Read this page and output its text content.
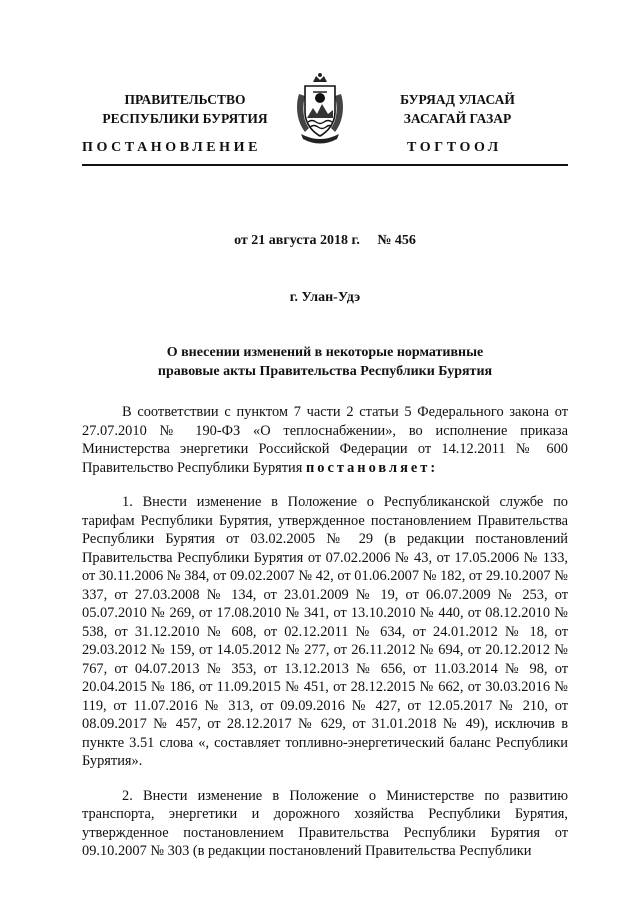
ПРАВИТЕЛЬСТВО
РЕСПУБЛИКИ БУРЯТИЯ
БУРЯАД УЛАСАЙ
ЗАСАГАЙ ГАЗАР
ПОСТАНОВЛЕНИЕ	ТОГТООЛ
от 21 августа 2018 г.     № 456
г. Улан-Удэ
О внесении изменений в некоторые нормативные
правовые акты Правительства Республики Бурятия

В соответствии с пунктом 7 части 2 статьи 5 Федерального закона от 27.07.2010 № 190-ФЗ «О теплоснабжении», во исполнение приказа Министерства энергетики Российской Федерации от 14.12.2011 № 600 Правительство Республики Бурятия постановляет:

1. Внести изменение в Положение о Республиканской службе по тарифам Республики Бурятия, утвержденное постановлением Правительства Республики Бурятия от 03.02.2005 № 29 (в редакции постановлений Правительства Республики Бурятия от 07.02.2006 № 43, от 17.05.2006 № 133, от 30.11.2006 № 384, от 09.02.2007 № 42, от 01.06.2007 № 182, от 29.10.2007 № 337, от 27.03.2008 № 134, от 23.01.2009 № 19, от 06.07.2009 № 253, от 05.07.2010 № 269, от 17.08.2010 № 341, от 13.10.2010 № 440, от 08.12.2010 № 538, от 31.12.2010 № 608, от 02.12.2011 № 634, от 24.01.2012 № 18, от 29.03.2012 № 159, от 14.05.2012 № 277, от 26.11.2012 № 694, от 20.12.2012 № 767, от 04.07.2013 № 353, от 13.12.2013 № 656, от 11.03.2014 № 98, от 20.04.2015 № 186, от 11.09.2015 № 451, от 28.12.2015 № 662, от 30.03.2016 № 119, от 11.07.2016 № 313, от 09.09.2016 № 427, от 12.05.2017 № 210, от 08.09.2017 № 457, от 28.12.2017 № 629, от 31.01.2018 № 49), исключив в пункте 3.51 слова «, составляет топливно-энергетический баланс Республики Бурятия».

2. Внести изменение в Положение о Министерстве по развитию транспорта, энергетики и дорожного хозяйства Республики Бурятия, утвержденное постановлением Правительства Республики Бурятия от 09.10.2007 № 303 (в редакции постановлений Правительства Республики
